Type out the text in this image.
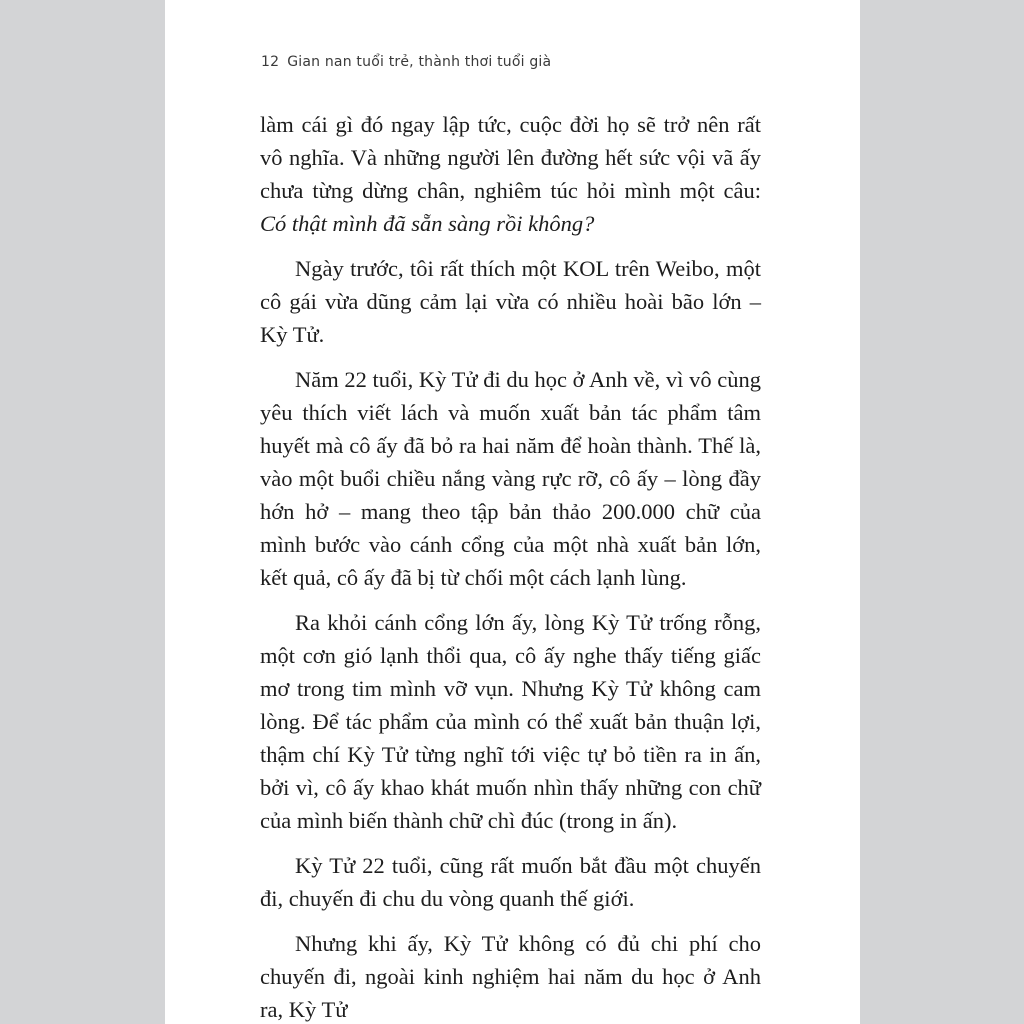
12 Gian nan tuổi trẻ, thành thơi tuổi già

làm cái gì đó ngay lập tức, cuộc đời họ sẽ trở nên rất vô nghĩa. Và những người lên đường hết sức vội vã ấy chưa từng dừng chân, nghiêm túc hỏi mình một câu: Có thật mình đã sẵn sàng rồi không?

Ngày trước, tôi rất thích một KOL trên Weibo, một cô gái vừa dũng cảm lại vừa có nhiều hoài bão lớn – Kỳ Tử.

Năm 22 tuổi, Kỳ Tử đi du học ở Anh về, vì vô cùng yêu thích viết lách và muốn xuất bản tác phẩm tâm huyết mà cô ấy đã bỏ ra hai năm để hoàn thành. Thế là, vào một buổi chiều nắng vàng rực rỡ, cô ấy – lòng đầy hớn hở – mang theo tập bản thảo 200.000 chữ của mình bước vào cánh cổng của một nhà xuất bản lớn, kết quả, cô ấy đã bị từ chối một cách lạnh lùng.

Ra khỏi cánh cổng lớn ấy, lòng Kỳ Tử trống rỗng, một cơn gió lạnh thổi qua, cô ấy nghe thấy tiếng giấc mơ trong tim mình vỡ vụn. Nhưng Kỳ Tử không cam lòng. Để tác phẩm của mình có thể xuất bản thuận lợi, thậm chí Kỳ Tử từng nghĩ tới việc tự bỏ tiền ra in ấn, bởi vì, cô ấy khao khát muốn nhìn thấy những con chữ của mình biến thành chữ chì đúc (trong in ấn).

Kỳ Tử 22 tuổi, cũng rất muốn bắt đầu một chuyến đi, chuyến đi chu du vòng quanh thế giới.

Nhưng khi ấy, Kỳ Tử không có đủ chi phí cho chuyến đi, ngoài kinh nghiệm hai năm du học ở Anh ra, Kỳ Tử
